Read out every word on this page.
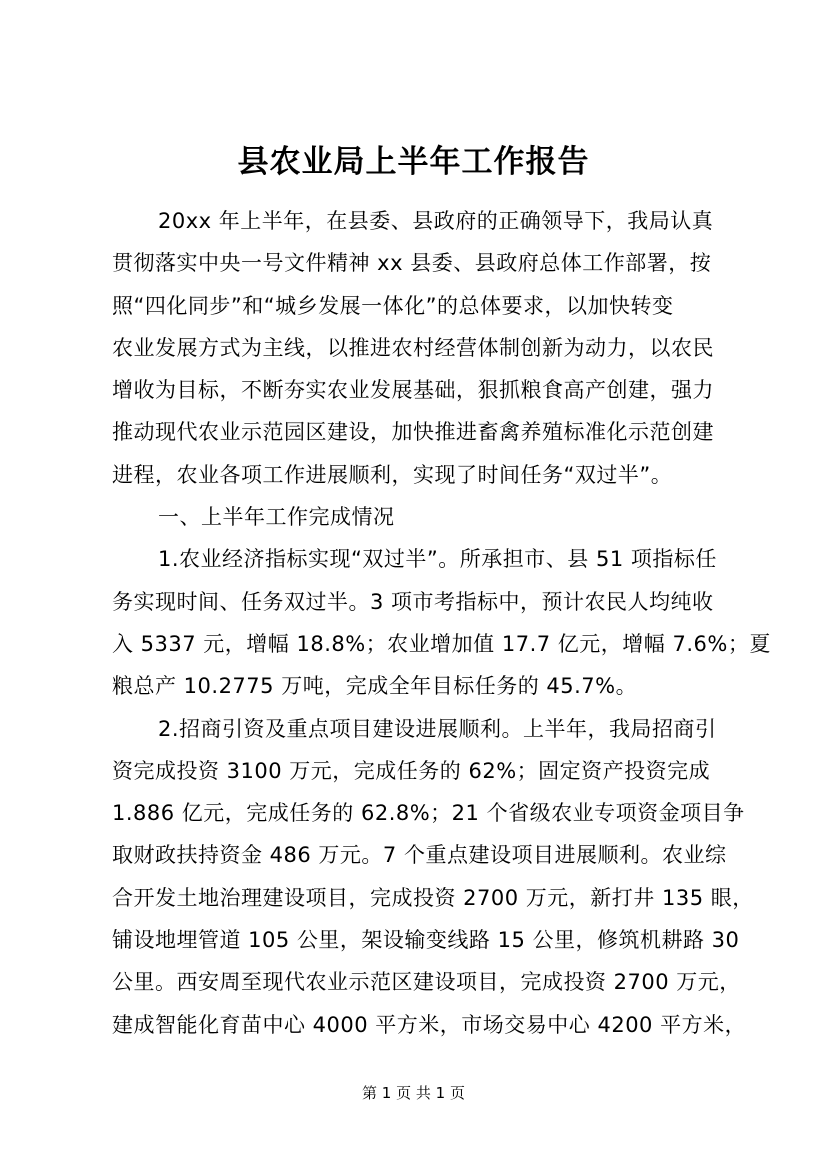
县农业局上半年工作报告
20xx 年上半年，在县委、县政府的正确领导下，我局认真
贯彻落实中央一号文件精神 xx 县委、县政府总体工作部署，按
照“四化同步”和“城乡发展一体化”的总体要求，以加快转变
农业发展方式为主线，以推进农村经营体制创新为动力，以农民
增收为目标，不断夯实农业发展基础，狠抓粮食高产创建，强力
推动现代农业示范园区建设，加快推进畜禽养殖标准化示范创建
进程，农业各项工作进展顺利，实现了时间任务“双过半”。
一、上半年工作完成情况
1.农业经济指标实现“双过半”。所承担市、县 51 项指标任
务实现时间、任务双过半。3 项市考指标中，预计农民人均纯收
入 5337 元，增幅 18.8%；农业增加值 17.7 亿元，增幅 7.6%；夏
粮总产 10.2775 万吨，完成全年目标任务的 45.7%。
2.招商引资及重点项目建设进展顺利。上半年，我局招商引
资完成投资 3100 万元，完成任务的 62%；固定资产投资完成
1.886 亿元，完成任务的 62.8%；21 个省级农业专项资金项目争
取财政扶持资金 486 万元。7 个重点建设项目进展顺利。农业综
合开发土地治理建设项目，完成投资 2700 万元，新打井 135 眼，
铺设地埋管道 105 公里，架设输变线路 15 公里，修筑机耕路 30
公里。西安周至现代农业示范区建设项目，完成投资 2700 万元，
建成智能化育苗中心 4000 平方米，市场交易中心 4200 平方米，
第 1 页 共 1 页
